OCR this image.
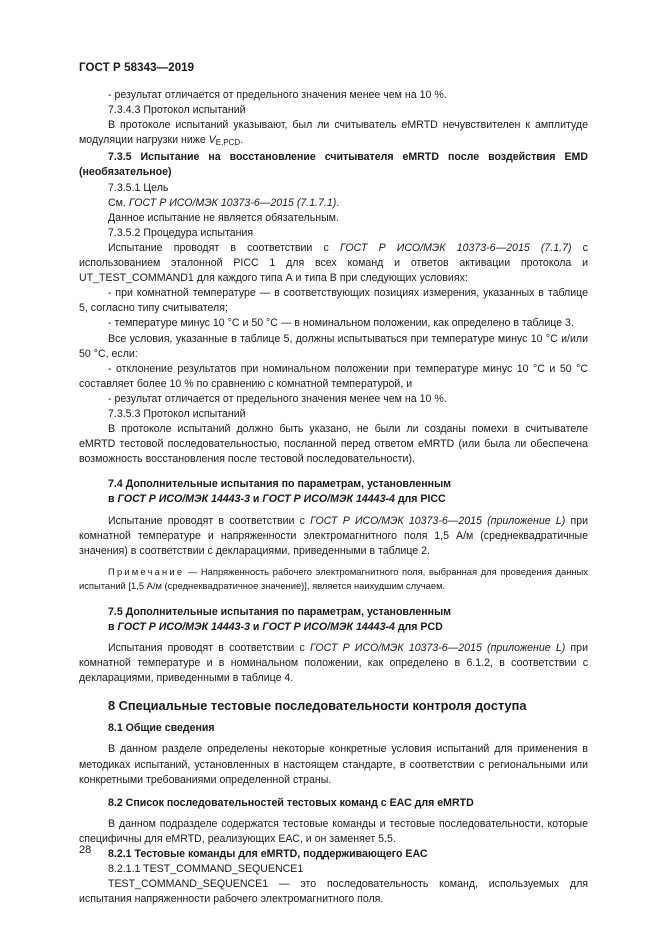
ГОСТ Р 58343—2019

- результат отличается от предельного значения менее чем на 10 %.

7.3.4.3 Протокол испытаний

В протоколе испытаний указывают, был ли считыватель eMRTD нечувствителен к амплитуде модуляции нагрузки ниже $V_{E,PCD}$.

7.3.5 Испытание на восстановление считывателя eMRTD после воздействия EMD (необязательное)

7.3.5.1 Цель

См. ГОСТ Р ИСО/МЭК 10373-6—2015 (7.1.7.1).

Данное испытание не является обязательным.

7.3.5.2 Процедура испытания

Испытание проводят в соответствии с ГОСТ Р ИСО/МЭК 10373-6—2015 (7.1.7) с использованием эталонной PICC 1 для всех команд и ответов активации протокола и UT_TEST_COMMAND1 для каждого типа А и типа В при следующих условиях:

- при комнатной температуре — в соответствующих позициях измерения, указанных в таблице 5, согласно типу считывателя;

- температуре минус 10 °С и 50 °С — в номинальном положении, как определено в таблице 3.

Все условия, указанные в таблице 5, должны испытываться при температуре минус 10 °С и/или 50 °С, если:

- отклонение результатов при номинальном положении при температуре минус 10 °С и 50 °С составляет более 10 % по сравнению с комнатной температурой, и

- результат отличается от предельного значения менее чем на 10 %.

7.3.5.3 Протокол испытаний

В протоколе испытаний должно быть указано, не были ли созданы помехи в считывателе eMRTD тестовой последовательностью, посланной перед ответом eMRTD (или была ли обеспечена возможность восстановления после тестовой последовательности).

7.4 Дополнительные испытания по параметрам, установленным
в ГОСТ Р ИСО/МЭК 14443-3 и ГОСТ Р ИСО/МЭК 14443-4 для PICC

Испытание проводят в соответствии с ГОСТ Р ИСО/МЭК 10373-6—2015 (приложение L) при комнатной температуре и напряженности электромагнитного поля 1,5 А/м (среднеквадратичные значения) в соответствии с декларациями, приведенными в таблице 2.

Примечание — Напряженность рабочего электромагнитного поля, выбранная для проведения данных испытаний [1,5 А/м (среднеквадратичное значение)], является наихудшим случаем.

7.5 Дополнительные испытания по параметрам, установленным
в ГОСТ Р ИСО/МЭК 14443-3 и ГОСТ Р ИСО/МЭК 14443-4 для PCD

Испытания проводят в соответствии с ГОСТ Р ИСО/МЭК 10373-6—2015 (приложение L) при комнатной температуре и в номинальном положении, как определено в 6.1.2, в соответствии с декларациями, приведенными в таблице 4.

8 Специальные тестовые последовательности контроля доступа

8.1 Общие сведения

В данном разделе определены некоторые конкретные условия испытаний для применения в методиках испытаний, установленных в настоящем стандарте, в соответствии с региональными или конкретными требованиями определенной страны.

8.2 Список последовательностей тестовых команд с ЕАС для eMRTD

В данном подразделе содержатся тестовые команды и тестовые последовательности, которые специфичны для eMRTD, реализующих ЕАС, и он заменяет 5.5.

8.2.1 Тестовые команды для eMRTD, поддерживающего ЕАС

8.2.1.1 TEST_COMMAND_SEQUENCE1

TEST_COMMAND_SEQUENCE1 — это последовательность команд, используемых для испытания напряженности рабочего электромагнитного поля.

28
